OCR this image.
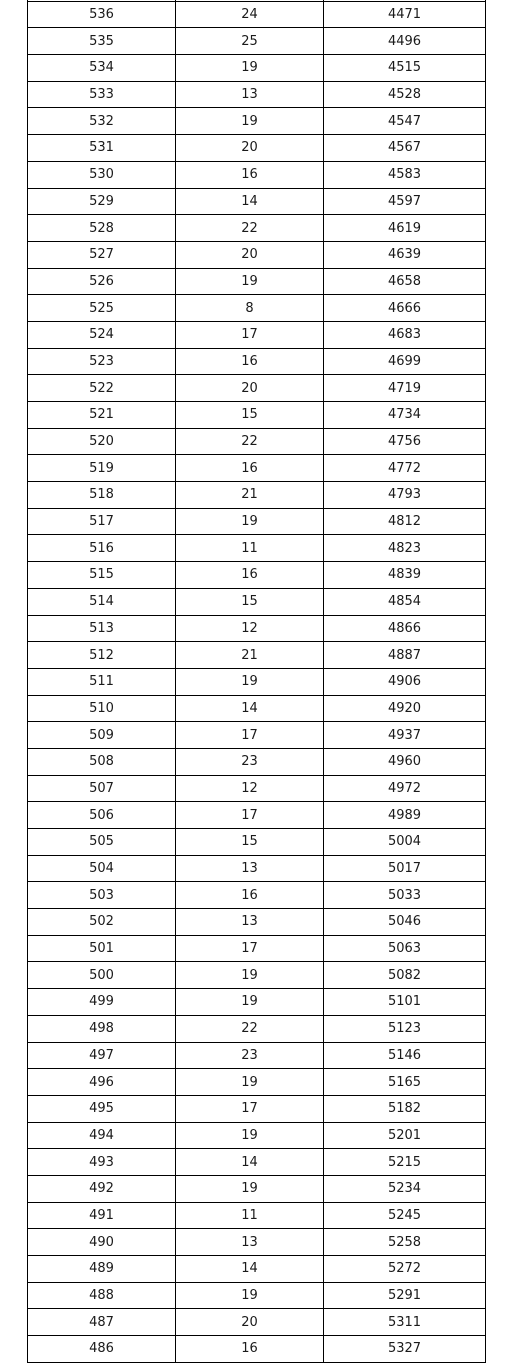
536	24	4471
535	25	4496
534	19	4515
533	13	4528
532	19	4547
531	20	4567
530	16	4583
529	14	4597
528	22	4619
527	20	4639
526	19	4658
525	8	4666
524	17	4683
523	16	4699
522	20	4719
521	15	4734
520	22	4756
519	16	4772
518	21	4793
517	19	4812
516	11	4823
515	16	4839
514	15	4854
513	12	4866
512	21	4887
511	19	4906
510	14	4920
509	17	4937
508	23	4960
507	12	4972
506	17	4989
505	15	5004
504	13	5017
503	16	5033
502	13	5046
501	17	5063
500	19	5082
499	19	5101
498	22	5123
497	23	5146
496	19	5165
495	17	5182
494	19	5201
493	14	5215
492	19	5234
491	11	5245
490	13	5258
489	14	5272
488	19	5291
487	20	5311
486	16	5327
